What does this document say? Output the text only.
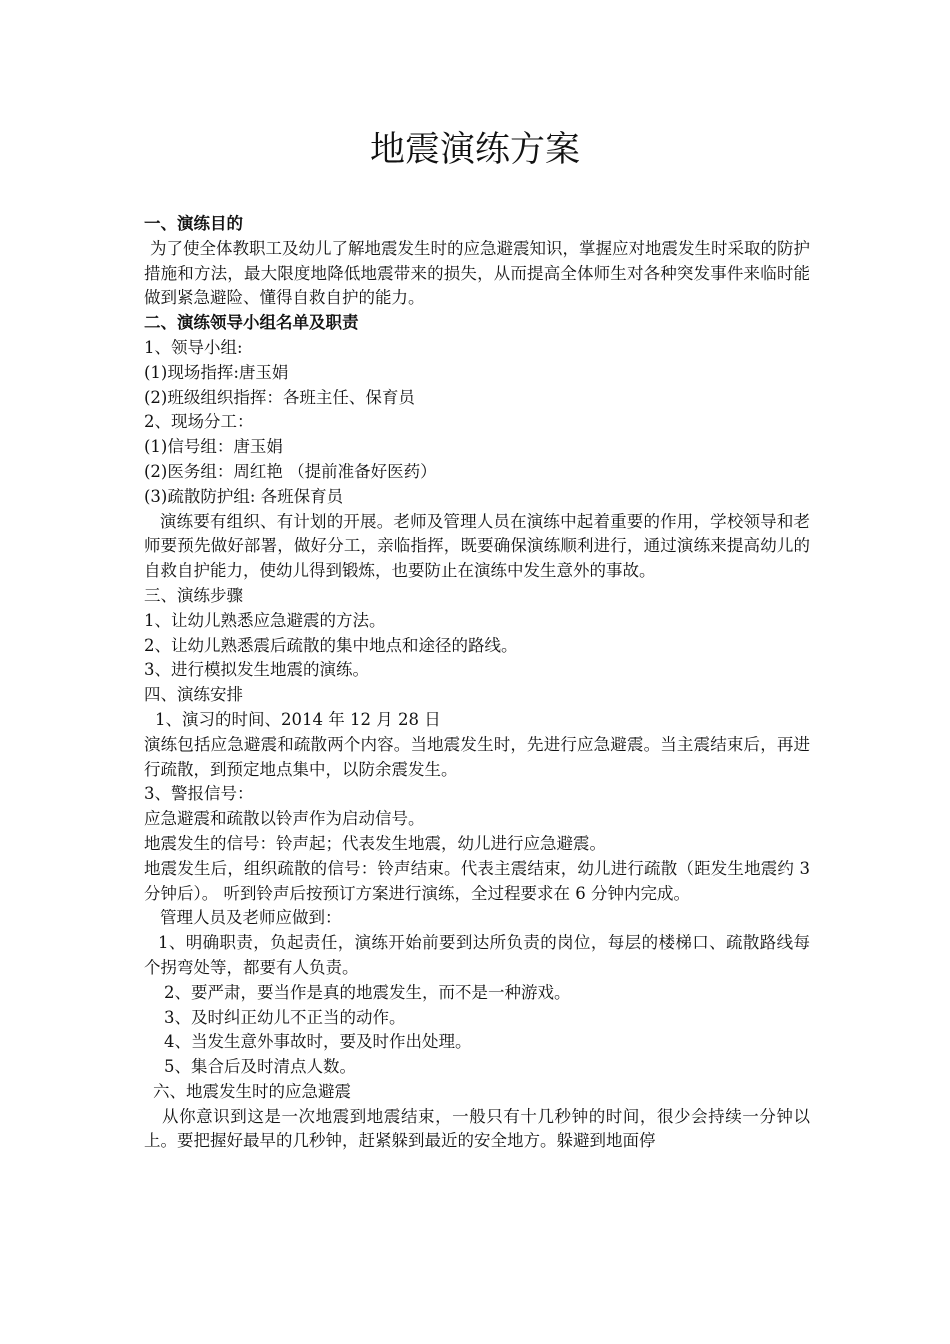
地震演练方案

一、演练目的

为了使全体教职工及幼儿了解地震发生时的应急避震知识，掌握应对地震发生时采取的防护措施和方法，最大限度地降低地震带来的损失，从而提高全体师生对各种突发事件来临时能做到紧急避险、懂得自救自护的能力。

二、演练领导小组名单及职责

1、领导小组:

(1)现场指挥:唐玉娟

(2)班级组织指挥：各班主任、保育员

2、现场分工：

(1)信号组：唐玉娟

(2)医务组：周红艳 （提前准备好医药）

(3)疏散防护组: 各班保育员

演练要有组织、有计划的开展。老师及管理人员在演练中起着重要的作用，学校领导和老师要预先做好部署，做好分工，亲临指挥，既要确保演练顺利进行，通过演练来提高幼儿的自救自护能力，使幼儿得到锻炼，也要防止在演练中发生意外的事故。

三、演练步骤

1、让幼儿熟悉应急避震的方法。

2、让幼儿熟悉震后疏散的集中地点和途径的路线。

3、进行模拟发生地震的演练。

四、演练安排

1、演习的时间、2014 年 12 月 28 日

演练包括应急避震和疏散两个内容。当地震发生时，先进行应急避震。当主震结束后，再进行疏散，到预定地点集中，以防余震发生。

3、警报信号：

应急避震和疏散以铃声作为启动信号。

地震发生的信号：铃声起；代表发生地震，幼儿进行应急避震。

地震发生后，组织疏散的信号：铃声结束。代表主震结束，幼儿进行疏散（距发生地震约 3 分钟后）。 听到铃声后按预订方案进行演练，全过程要求在 6 分钟内完成。

管理人员及老师应做到：

1、明确职责，负起责任，演练开始前要到达所负责的岗位，每层的楼梯口、疏散路线每个拐弯处等，都要有人负责。

2、要严肃，要当作是真的地震发生，而不是一种游戏。

3、及时纠正幼儿不正当的动作。

4、当发生意外事故时，要及时作出处理。

5、集合后及时清点人数。

六、地震发生时的应急避震

从你意识到这是一次地震到地震结束，一般只有十几秒钟的时间，很少会持续一分钟以上。要把握好最早的几秒钟，赶紧躲到最近的安全地方。躲避到地面停
